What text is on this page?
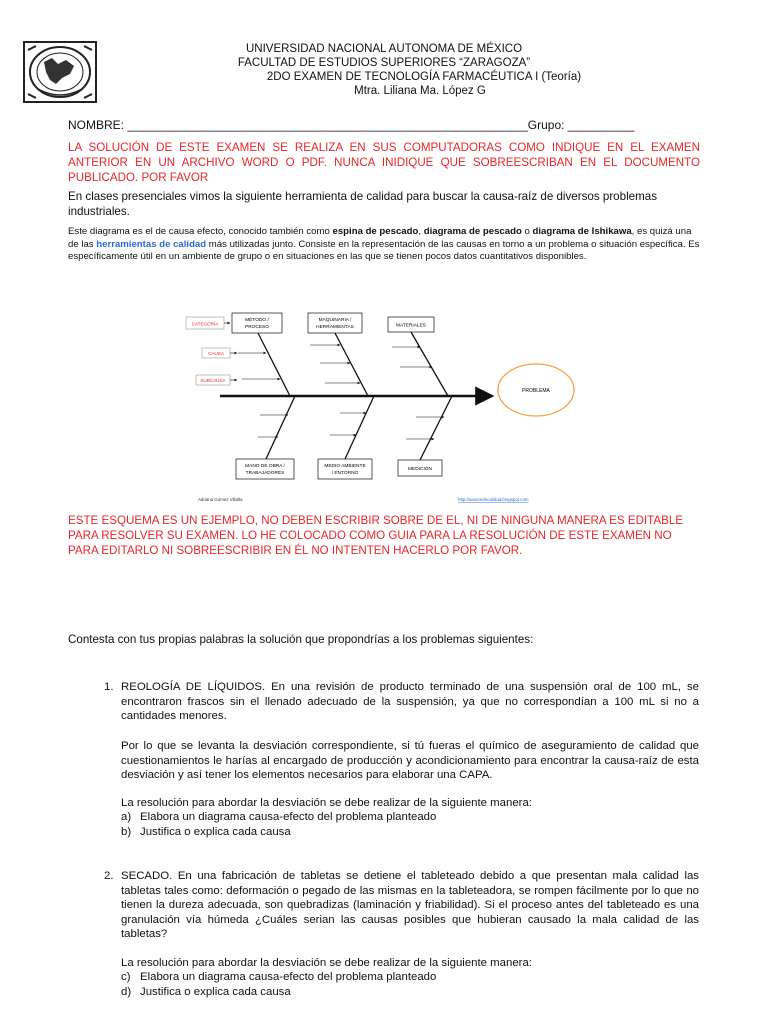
UNIVERSIDAD NACIONAL AUTONOMA DE MÉXICO
FACULTAD DE ESTUDIOS SUPERIORES “ZARAGOZA”
2DO EXAMEN DE TECNOLOGÍA FARMACÉUTICA I (Teoría)
Mtra. Liliana Ma. López G
NOMBRE: ____________________________________________________________Grupo: __________
LA SOLUCIÓN DE ESTE EXAMEN SE REALIZA EN SUS COMPUTADORAS COMO INDIQUE EN EL EXAMEN ANTERIOR EN UN ARCHIVO WORD O PDF. NUNCA INIDIQUE QUE SOBREESCRIBAN EN EL DOCUMENTO PUBLICADO. POR FAVOR
En clases presenciales vimos la siguiente herramienta de calidad para buscar la causa-raíz de diversos problemas industriales.
Este diagrama es el de causa efecto, conocido también como espina de pescado, diagrama de pescado o diagrama de Ishikawa, es quizá una de las herramientas de calidad más utilizadas junto. Consiste en la representación de las causas en torno a un problema o situación específica. Es específicamente útil en un ambiente de grupo o en situaciones en las que se tienen pocos datos cuantitativos disponibles.
CATEGORÍA
CAUSA
SUBCAUSA
MÉTODO /
PROCESO
MAQUINARIA /
HERRAMIENTAS	MATERIALES
MANO DE OBRA /
TRABAJADORES
MEDIO AMBIENTE
/ ENTORNO
MEDICIÓN
PROBLEMA
Adriana Gómez Villalta	http://aseoredecalidad.blogspot.com
ESTE ESQUEMA ES UN EJEMPLO, NO DEBEN ESCRIBIR SOBRE DE EL, NI DE NINGUNA MANERA ES EDITABLE PARA RESOLVER SU EXAMEN. LO HE COLOCADO COMO GUIA PARA LA RESOLUCIÓN DE ESTE EXAMEN NO PARA EDITARLO NI SOBREESCRIBIR EN ÉL NO INTENTEN HACERLO POR FAVOR.
Contesta con tus propias palabras la solución que propondrías a los problemas siguientes:
1. REOLOGÍA DE LÍQUIDOS. En una revisión de producto terminado de una suspensión oral de 100 mL, se encontraron frascos sin el llenado adecuado de la suspensión, ya que no correspondían a 100 mL si no a cantidades menores.
Por lo que se levanta la desviación correspondiente, si tú fueras el químico de aseguramiento de calidad que cuestionamientos le harías al encargado de producción y acondicionamiento para encontrar la causa-raíz de esta desviación y así tener los elementos necesarios para elaborar una CAPA.
La resolución para abordar la desviación se debe realizar de la siguiente manera:
a) Elabora un diagrama causa-efecto del problema planteado
b) Justifica o explica cada causa
2. SECADO. En una fabricación de tabletas se detiene el tableteado debido a que presentan mala calidad las tabletas tales como: deformación o pegado de las mismas en la tableteadora, se rompen fácilmente por lo que no tienen la dureza adecuada, son quebradizas (laminación y friabilidad). Si el proceso antes del tableteado es una granulación vía húmeda ¿Cuáles serian las causas posibles que hubieran causado la mala calidad de las tabletas?
La resolución para abordar la desviación se debe realizar de la siguiente manera:
c) Elabora un diagrama causa-efecto del problema planteado
d) Justifica o explica cada causa
